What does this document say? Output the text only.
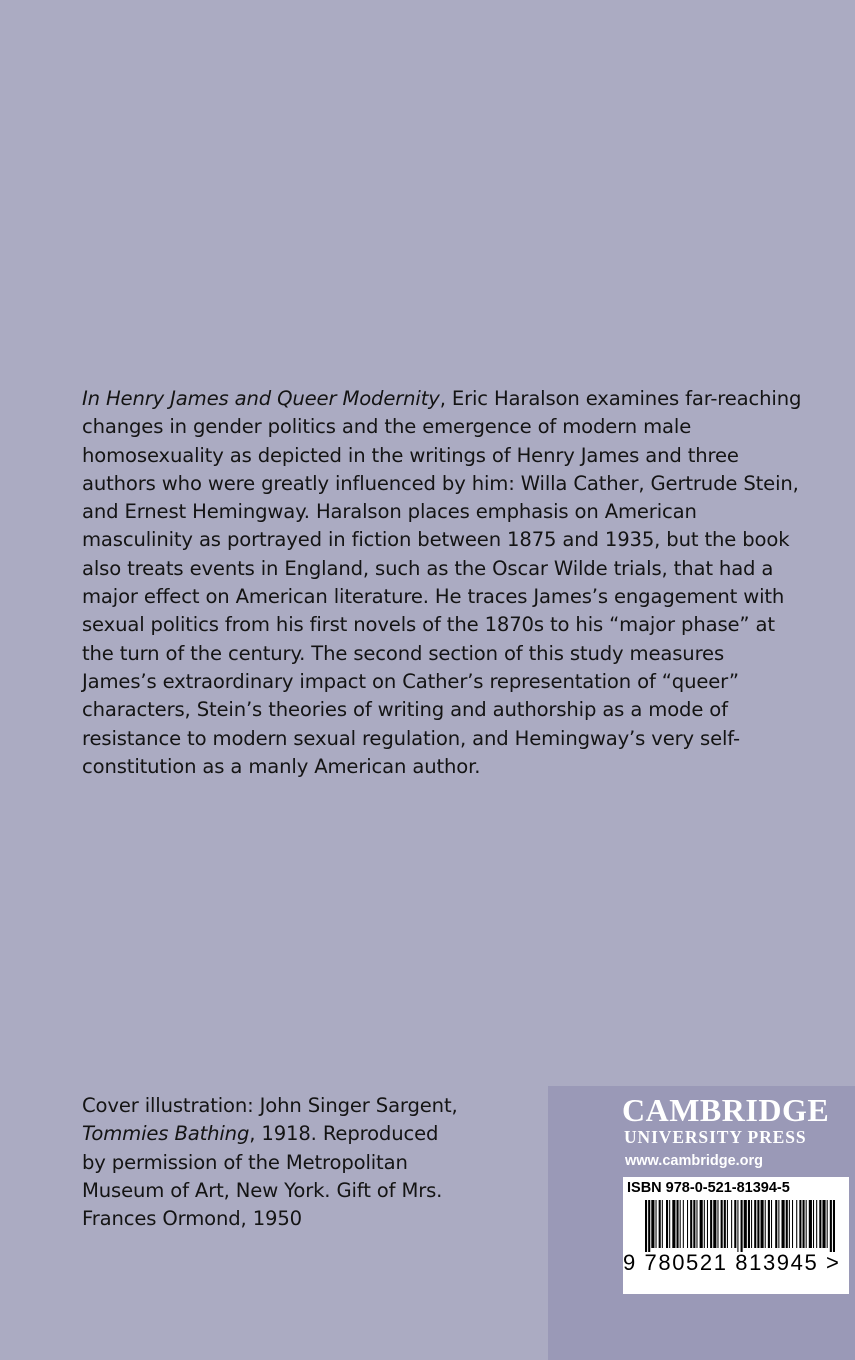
In Henry James and Queer Modernity, Eric Haralson examines far-reaching changes in gender politics and the emergence of modern male homosexuality as depicted in the writings of Henry James and three authors who were greatly influenced by him: Willa Cather, Gertrude Stein, and Ernest Hemingway. Haralson places emphasis on American masculinity as portrayed in fiction between 1875 and 1935, but the book also treats events in England, such as the Oscar Wilde trials, that had a major effect on American literature. He traces James’s engagement with sexual politics from his first novels of the 1870s to his “major phase” at the turn of the century. The second section of this study measures James’s extraordinary impact on Cather’s representation of “queer” characters, Stein’s theories of writing and authorship as a mode of resistance to modern sexual regulation, and Hemingway’s very self-constitution as a manly American author.
Cover illustration: John Singer Sargent, Tommies Bathing, 1918. Reproduced by permission of the Metropolitan Museum of Art, New York. Gift of Mrs. Frances Ormond, 1950
CAMBRIDGE
UNIVERSITY PRESS
www.cambridge.org
ISBN 978-0-521-81394-5
9 780521 813945 >
